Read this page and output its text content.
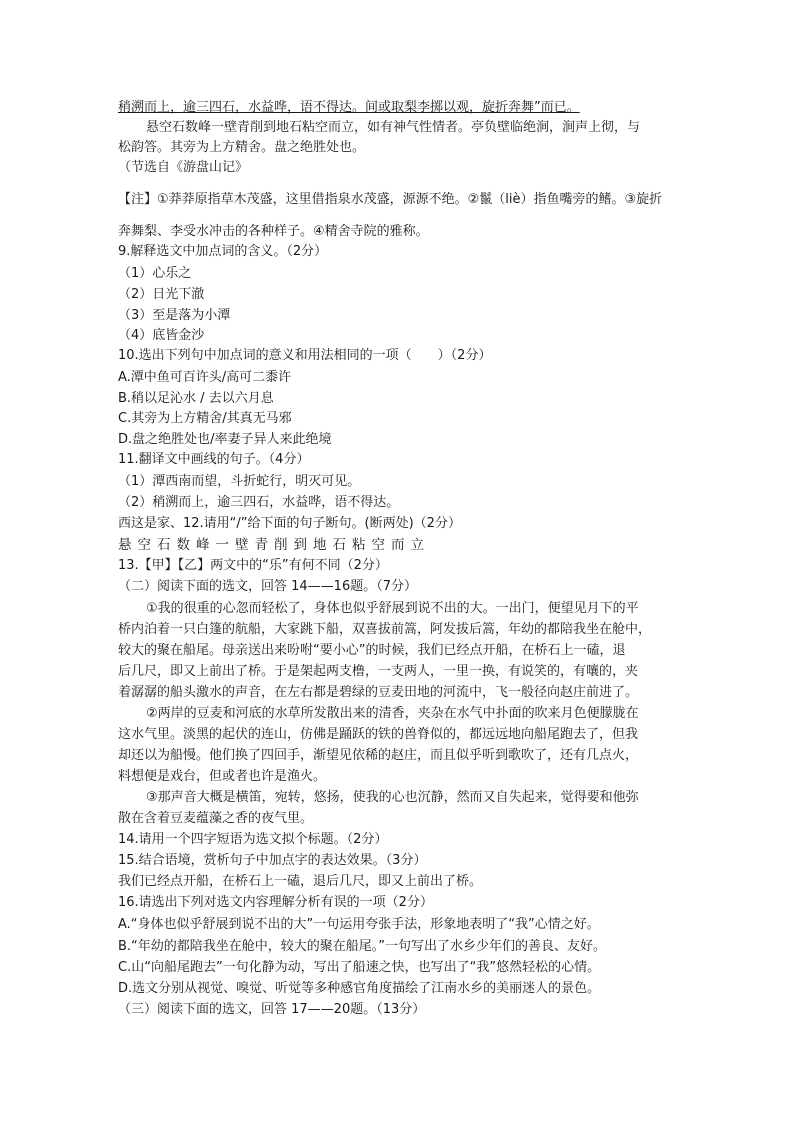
稍溯而上，逾三四石，水益哗，语不得达。间或取梨李掷以观，旋折奔舞”而已。
悬空石数峰一壁青削到地石粘空而立，如有神气性情者。亭负壁临绝涧，涧声上彻，与
松韵答。其旁为上方精舍。盘之绝胜处也。
（节选自《游盘山记》
【注】①莽莽原指草木茂盛，这里借指泉水茂盛，源源不绝。②鬣（liè）指鱼嘴旁的鳍。③旋折
奔舞梨、李受水冲击的各种样子。④精舍寺院的雅称。
9.解释选文中加点词的含义。（2分）
（1）心乐之
（2）日光下澈
（3）至是落为小潭
（4）底皆金沙
10.选出下列句中加点词的意义和用法相同的一项（　　）（2分）
A.潭中鱼可百许头/高可二黍许
B.稍以足沁水 / 去以六月息
C.其旁为上方精舍/其真无马邪
D.盘之绝胜处也/率妻子异人来此绝境
11.翻译文中画线的句子。（4分）
（1）潭西南而望，斗折蛇行，明灭可见。
（2）稍溯而上，逾三四石，水益哗，语不得达。
西这是家、12.请用“/”给下面的句子断句。(断两处)（2分）
悬空石数峰一壁青削到地石粘空而立
13.【甲】【乙】两文中的“乐”有何不同（2分）
（二）阅读下面的选文，回答 14——16题。（7分）
①我的很重的心忽而轻松了，身体也似乎舒展到说不出的大。一出门，便望见月下的平
桥内泊着一只白篷的航船，大家跳下船，双喜拔前篙，阿发拔后篙，年幼的都陪我坐在舱中，
较大的聚在船尾。母亲送出来吩咐“要小心”的时候，我们已经点开船，在桥石上一磕，退
后几尺，即又上前出了桥。于是架起两支橹，一支两人，一里一换，有说笑的，有嚷的，夹
着潺潺的船头激水的声音，在左右都是碧绿的豆麦田地的河流中，飞一般径向赵庄前进了。
②两岸的豆麦和河底的水草所发散出来的清香，夹杂在水气中扑面的吹来月色便朦胧在
这水气里。淡黑的起伏的连山，仿佛是踊跃的铁的兽脊似的，都远远地向船尾跑去了，但我
却还以为船慢。他们换了四回手，渐望见依稀的赵庄，而且似乎听到歌吹了，还有几点火，
料想便是戏台，但或者也许是渔火。
③那声音大概是横笛，宛转，悠扬，使我的心也沉静，然而又自失起来，觉得要和他弥
散在含着豆麦蕴藻之香的夜气里。
14.请用一个四字短语为选文拟个标题。（2分）
15.结合语境，赏析句子中加点字的表达效果。（3分）
我们已经点开船，在桥石上一磕，退后几尺，即又上前出了桥。
16.请选出下列对选文内容理解分析有误的一项（2分）
A.“身体也似乎舒展到说不出的大”一句运用夸张手法，形象地表明了“我”心情之好。
B.“年幼的都陪我坐在舱中，较大的聚在船尾。”一句写出了水乡少年们的善良、友好。
C.山“向船尾跑去”一句化静为动，写出了船速之快，也写出了“我”悠然轻松的心情。
D.选文分别从视觉、嗅觉、听觉等多种感官角度描绘了江南水乡的美丽迷人的景色。
（三）阅读下面的选文，回答 17——20题。（13分）
